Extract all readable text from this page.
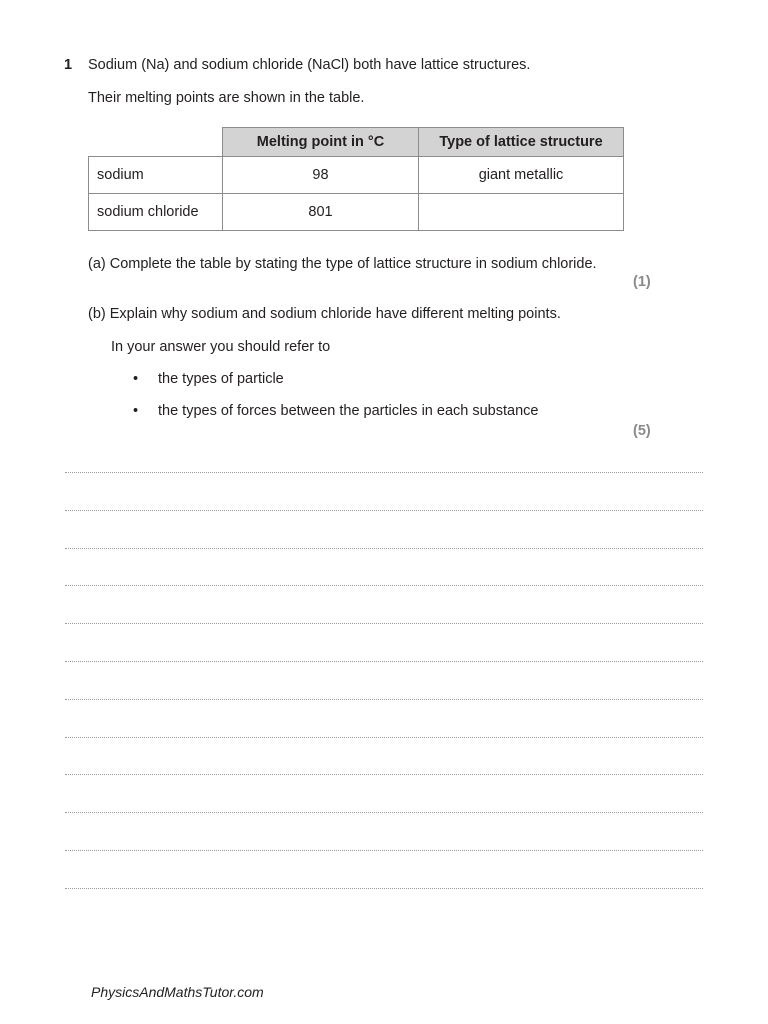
1 Sodium (Na) and sodium chloride (NaCl) both have lattice structures.
Their melting points are shown in the table.
	Melting point in °C	Type of lattice structure
sodium	98	giant metallic
sodium chloride	801	
(a) Complete the table by stating the type of lattice structure in sodium chloride.
(1)
(b) Explain why sodium and sodium chloride have different melting points.
In your answer you should refer to
• the types of particle
• the types of forces between the particles in each substance
(5)
PhysicsAndMathsTutor.com
